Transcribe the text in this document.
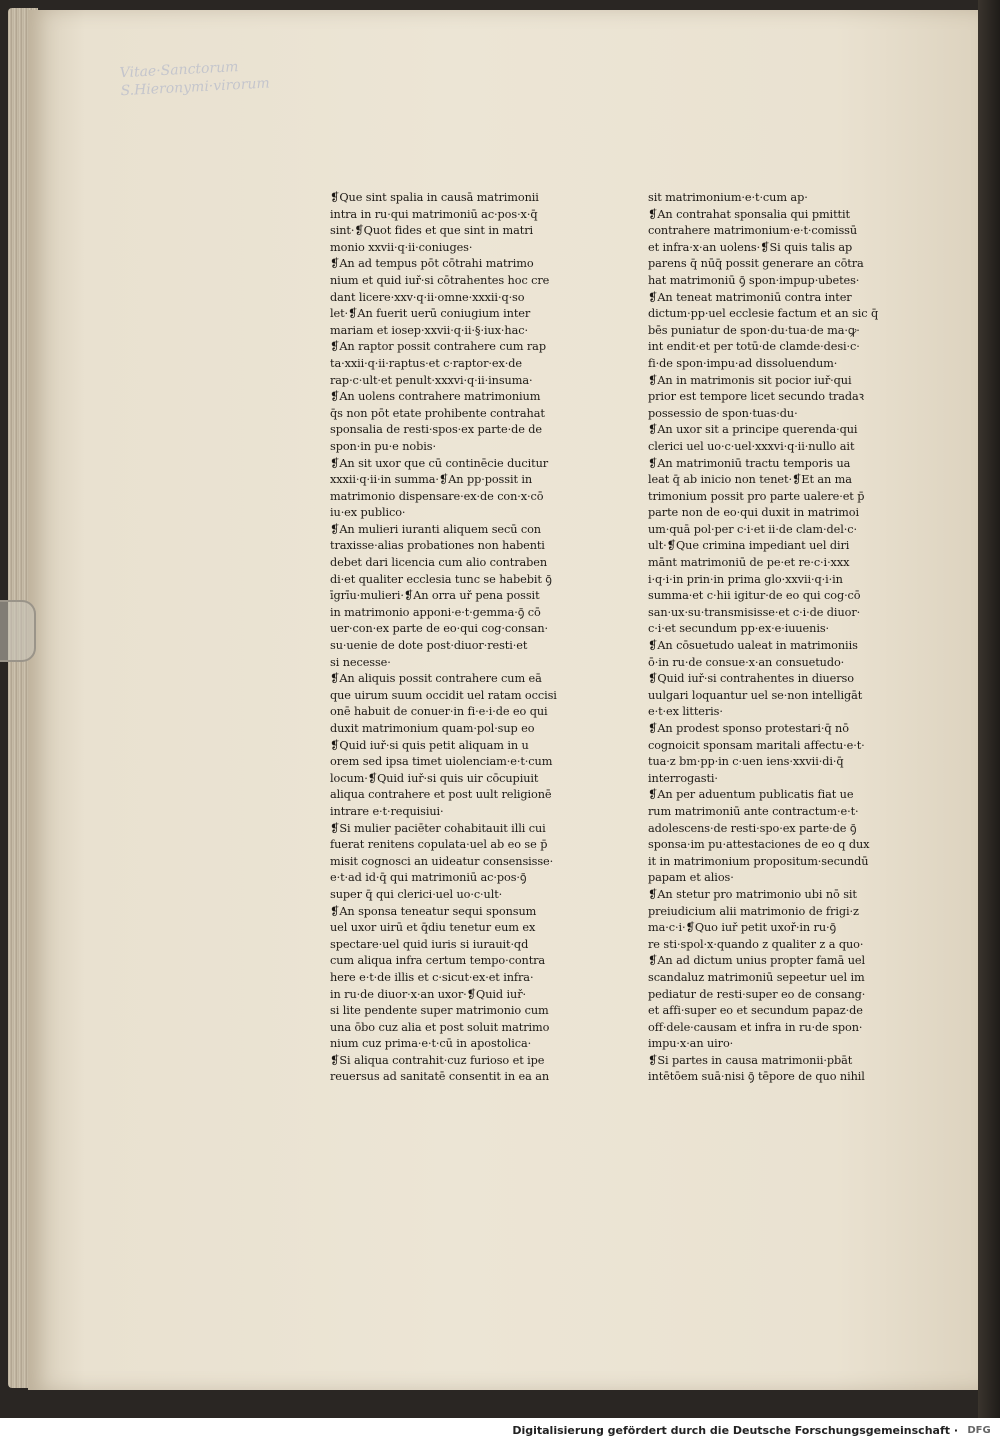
Vitae·Sanctorum
S.Hieronymi·virorum
❡Que sint spalia in causā matrimonii
intra in ru·qui matrimoniū ac·pos·x·q̄
sint·❡Quot fides et que sint in matri
monio xxvii·q·ii·coniuges·
❡An ad tempus pōt cōtrahi matrimo
nium et quid iuř·si cōtrahentes hoc cre
dant licere·xxv·q·ii·omne·xxxii·q·so
let·❡An fuerit uerū coniugium inter
mariam et iosep·xxvii·q·ii·§·iux·hac·
❡An raptor possit contrahere cum rap
ta·xxii·q·ii·raptus·et c·raptor·ex·de
rap·c·ult·et penult·xxxvi·q·ii·insuma·
❡An uolens contrahere matrimonium
q̄s non pōt etate prohibente contrahat
sponsalia de resti·spos·ex parte·de de
spon·in pu·e nobis·
❡An sit uxor que cū continēcie ducitur
xxxii·q·ii·in summa·❡An pp·possit in
matrimonio dispensare·ex·de con·x·cō
iu·ex publico·
❡An mulieri iuranti aliquem secū con
traxisse·alias probationes non habenti
debet dari licencia cum alio contraben
di·et qualiter ecclesia tunc se habebit ꝯ̄
īgrīu·mulieri·❡An orra uř pena possit
in matrimonio apponi·e·t·gemma·ꝯ̄ cō
uer·con·ex parte de eo·qui cog·consan·
su·uenie de dote post·diuor·resti·et
si necesse·
❡An aliquis possit contrahere cum eā
que uirum suum occidit uel ratam occisi
onē habuit de conuer·in fi·e·i·de eo qui
duxit matrimonium quam·pol·sup eo
❡Quid iuř·si quis petit aliquam in u
orem sed ipsa timet uiolenciam·e·t·cum
locum·❡Quid iuř·si quis uir cōcupiuit
aliqua contrahere et post uult religionē
intrare e·t·requisiui·
❡Si mulier paciēter cohabitauit illi cui
fuerat renitens copulata·uel ab eo se p̄
misit cognosci an uideatur consensisse·
e·t·ad id·q̄ qui matrimoniū ac·pos·ꝯ̄
super q̄ qui clerici·uel uo·c·ult·
❡An sponsa teneatur sequi sponsum
uel uxor uirū et q̄diu tenetur eum ex
spectare·uel quid iuris si iurauit·qd
cum aliqua infra certum tempo·contra
here e·t·de illis et c·sicut·ex·et infra·
in ru·de diuor·x·an uxor·❡Quid iuř·
si lite pendente super matrimonio cum
una ōbo cuz alia et post soluit matrimo
nium cuz prima·e·t·cū in apostolica·
❡Si aliqua contrahit·cuz furioso et ipe
reuersus ad sanitatē consentit in ea an
sit matrimonium·e·t·cum ap·
❡An contrahat sponsalia qui pmittit
contrahere matrimonium·e·t·comissū
et infra·x·an uolens·❡Si quis talis ap
parens q̄ nūq̄ possit generare an cōtra
hat matrimoniū ꝯ̄ spon·impup·ubetes·
❡An teneat matrimoniū contra inter
dictum·pp·uel ecclesie factum et an sic q̄
bēs puniatur de spon·du·tua·de ma·ꝙ·
int endit·et per totū·de clamde·desi·c·
fi·de spon·impu·ad dissoluendum·
❡An in matrimonis sit pocior iuř·qui
prior est tempore licet secundo tradaꝛ
possessio de spon·tuas·du·
❡An uxor sit a principe querenda·qui
clerici uel uo·c·uel·xxxvi·q·ii·nullo ait
❡An matrimoniū tractu temporis ua
leat q̄ ab inicio non tenet·❡Et an ma
trimonium possit pro parte ualere·et p̄
parte non de eo·qui duxit in matrimoi
um·quā pol·per c·i·et ii·de clam·del·c·
ult·❡Que crimina impediant uel diri
mānt matrimoniū de pe·et re·c·i·xxx
i·q·i·in prin·in prima glo·xxvii·q·i·in
summa·et c·hii igitur·de eo qui cog·cō
san·ux·su·transmisisse·et c·i·de diuor·
c·i·et secundum pp·ex·e·iuuenis·
❡An cōsuetudo ualeat in matrimoniis
ō·in ru·de consue·x·an consuetudo·
❡Quid iuř·si contrahentes in diuerso
uulgari loquantur uel se·non intelligāt
e·t·ex litteris·
❡An prodest sponso protestari·q̄ nō
cognoicit sponsam maritali affectu·e·t·
tua·z bm·pp·in c·uen iens·xxvii·di·q̄
interrogasti·
❡An per aduentum publicatis fiat ue
rum matrimoniū ante contractum·e·t·
adolescens·de resti·spo·ex parte·de ꝯ̄
sponsa·im pu·attestaciones de eo q dux
it in matrimonium propositum·secundū
papam et alios·
❡An stetur pro matrimonio ubi nō sit
preiudicium alii matrimonio de frigi·z
ma·c·i·❡Quo iuř petit uxoř·in ru·ꝯ̄
re sti·spol·x·quando z qualiter z a quo·
❡An ad dictum unius propter famā uel
scandaluz matrimoniū sepeetur uel im
pediatur de resti·super eo de consang·
et affi·super eo et secundum papaz·de
off·dele·causam et infra in ru·de spon·
impu·x·an uiro·
❡Si partes in causa matrimonii·pbāt
intētōem suā·nisi ꝯ̄ tēpore de quo nihil
Digitalisierung gefördert durch die Deutsche Forschungsgemeinschaft · DFG
